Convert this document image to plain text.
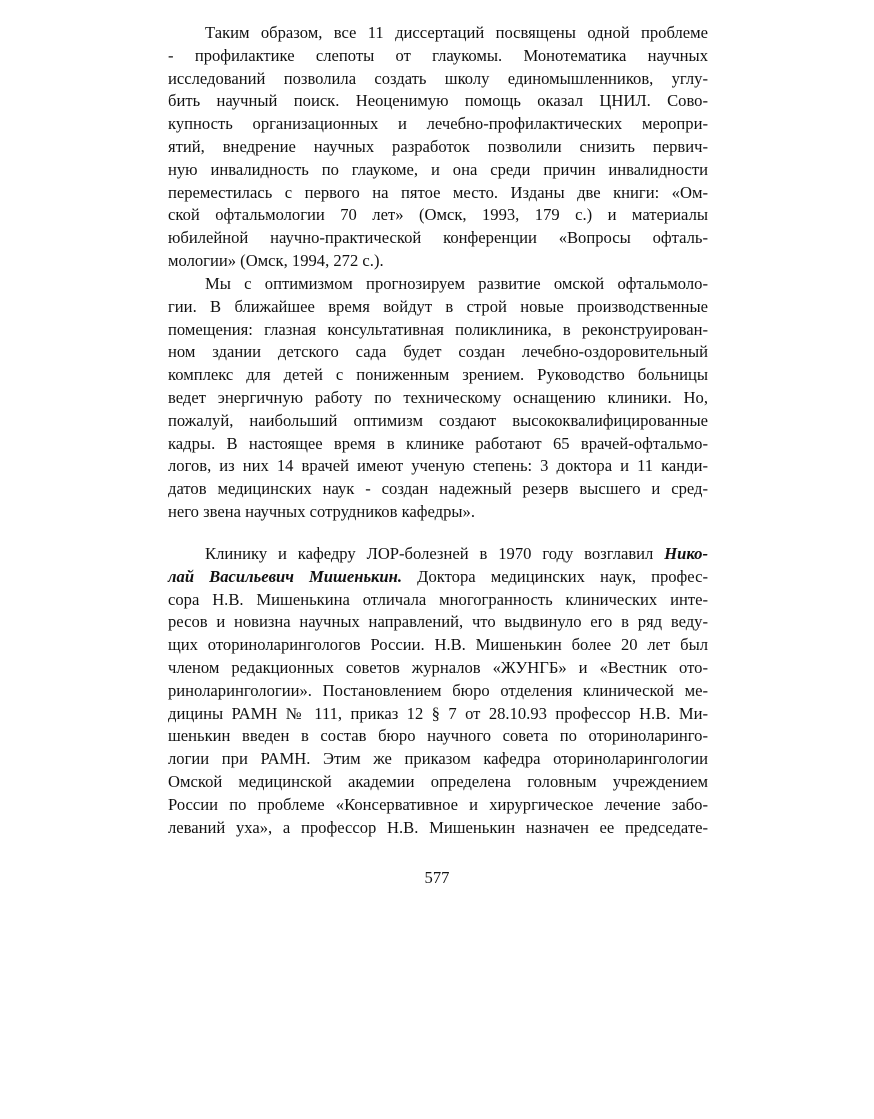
Таким образом, все 11 диссертаций посвящены одной проблеме
- профилактике слепоты от глаукомы. Монотематика научных
исследований позволила создать школу единомышленников, углу-
бить научный поиск. Неоценимую помощь оказал ЦНИЛ. Сово-
купность организационных и лечебно-профилактических меропри-
ятий, внедрение научных разработок позволили снизить первич-
ную инвалидность по глаукоме, и она среди причин инвалидности
переместилась с первого на пятое место. Изданы две книги: «Ом-
ской офтальмологии 70 лет» (Омск, 1993, 179 с.) и материалы
юбилейной научно-практической конференции «Вопросы офталь-
мологии» (Омск, 1994, 272 с.).
Мы с оптимизмом прогнозируем развитие омской офтальмоло-
гии. В ближайшее время войдут в строй новые производственные
помещения: глазная консультативная поликлиника, в реконструирован-
ном здании детского сада будет создан лечебно-оздоровительный
комплекс для детей с пониженным зрением. Руководство больницы
ведет энергичную работу по техническому оснащению клиники. Но,
пожалуй, наибольший оптимизм создают высококвалифицированные
кадры. В настоящее время в клинике работают 65 врачей-офтальмо-
логов, из них 14 врачей имеют ученую степень: 3 доктора и 11 канди-
датов медицинских наук - создан надежный резерв высшего и сред-
него звена научных сотрудников кафедры».
Клинику и кафедру ЛОР-болезней в 1970 году возглавил Нико-
лай Васильевич Мишенькин. Доктора медицинских наук, профес-
сора Н.В. Мишенькина отличала многогранность клинических инте-
ресов и новизна научных направлений, что выдвинуло его в ряд веду-
щих оториноларингологов России. Н.В. Мишенькин более 20 лет был
членом редакционных советов журналов «ЖУНГБ» и «Вестник ото-
риноларингологии». Постановлением бюро отделения клинической ме-
дицины РАМН № 111, приказ 12 § 7 от 28.10.93 профессор Н.В. Ми-
шенькин введен в состав бюро научного совета по оториноларинго-
логии при РАМН. Этим же приказом кафедра оториноларингологии
Омской медицинской академии определена головным учреждением
России по проблеме «Консервативное и хирургическое лечение забо-
леваний уха», а профессор Н.В. Мишенькин назначен ее председате-
577
